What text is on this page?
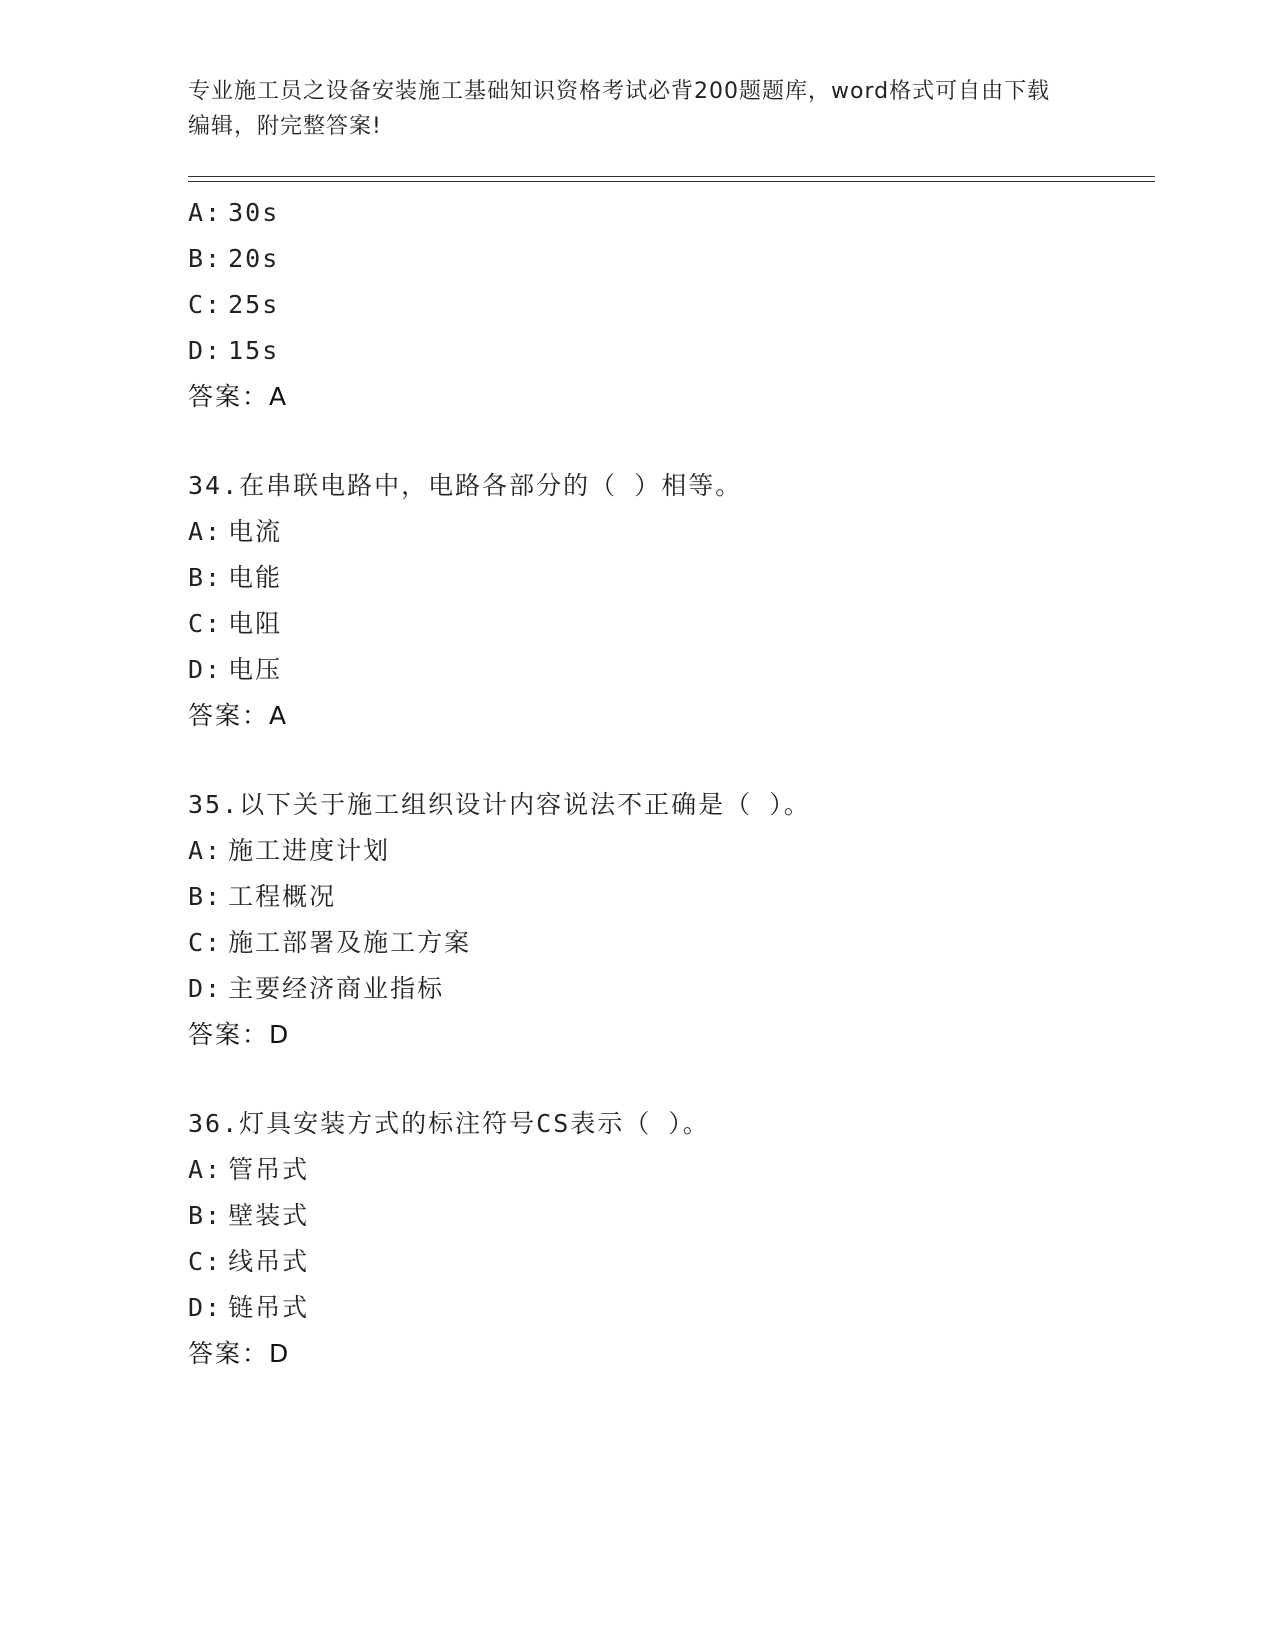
专业施工员之设备安装施工基础知识资格考试必背200题题库，word格式可自由下载编辑，附完整答案!
A: 30s
B: 20s
C: 25s
D: 15s
答案：A
34.在串联电路中，电路各部分的（ ）相等。
A: 电流
B: 电能
C: 电阻
D: 电压
答案：A
35.以下关于施工组织设计内容说法不正确是（ ）。
A: 施工进度计划
B: 工程概况
C: 施工部署及施工方案
D: 主要经济商业指标
答案：D
36.灯具安装方式的标注符号CS表示（ ）。
A: 管吊式
B: 壁装式
C: 线吊式
D: 链吊式
答案：D
